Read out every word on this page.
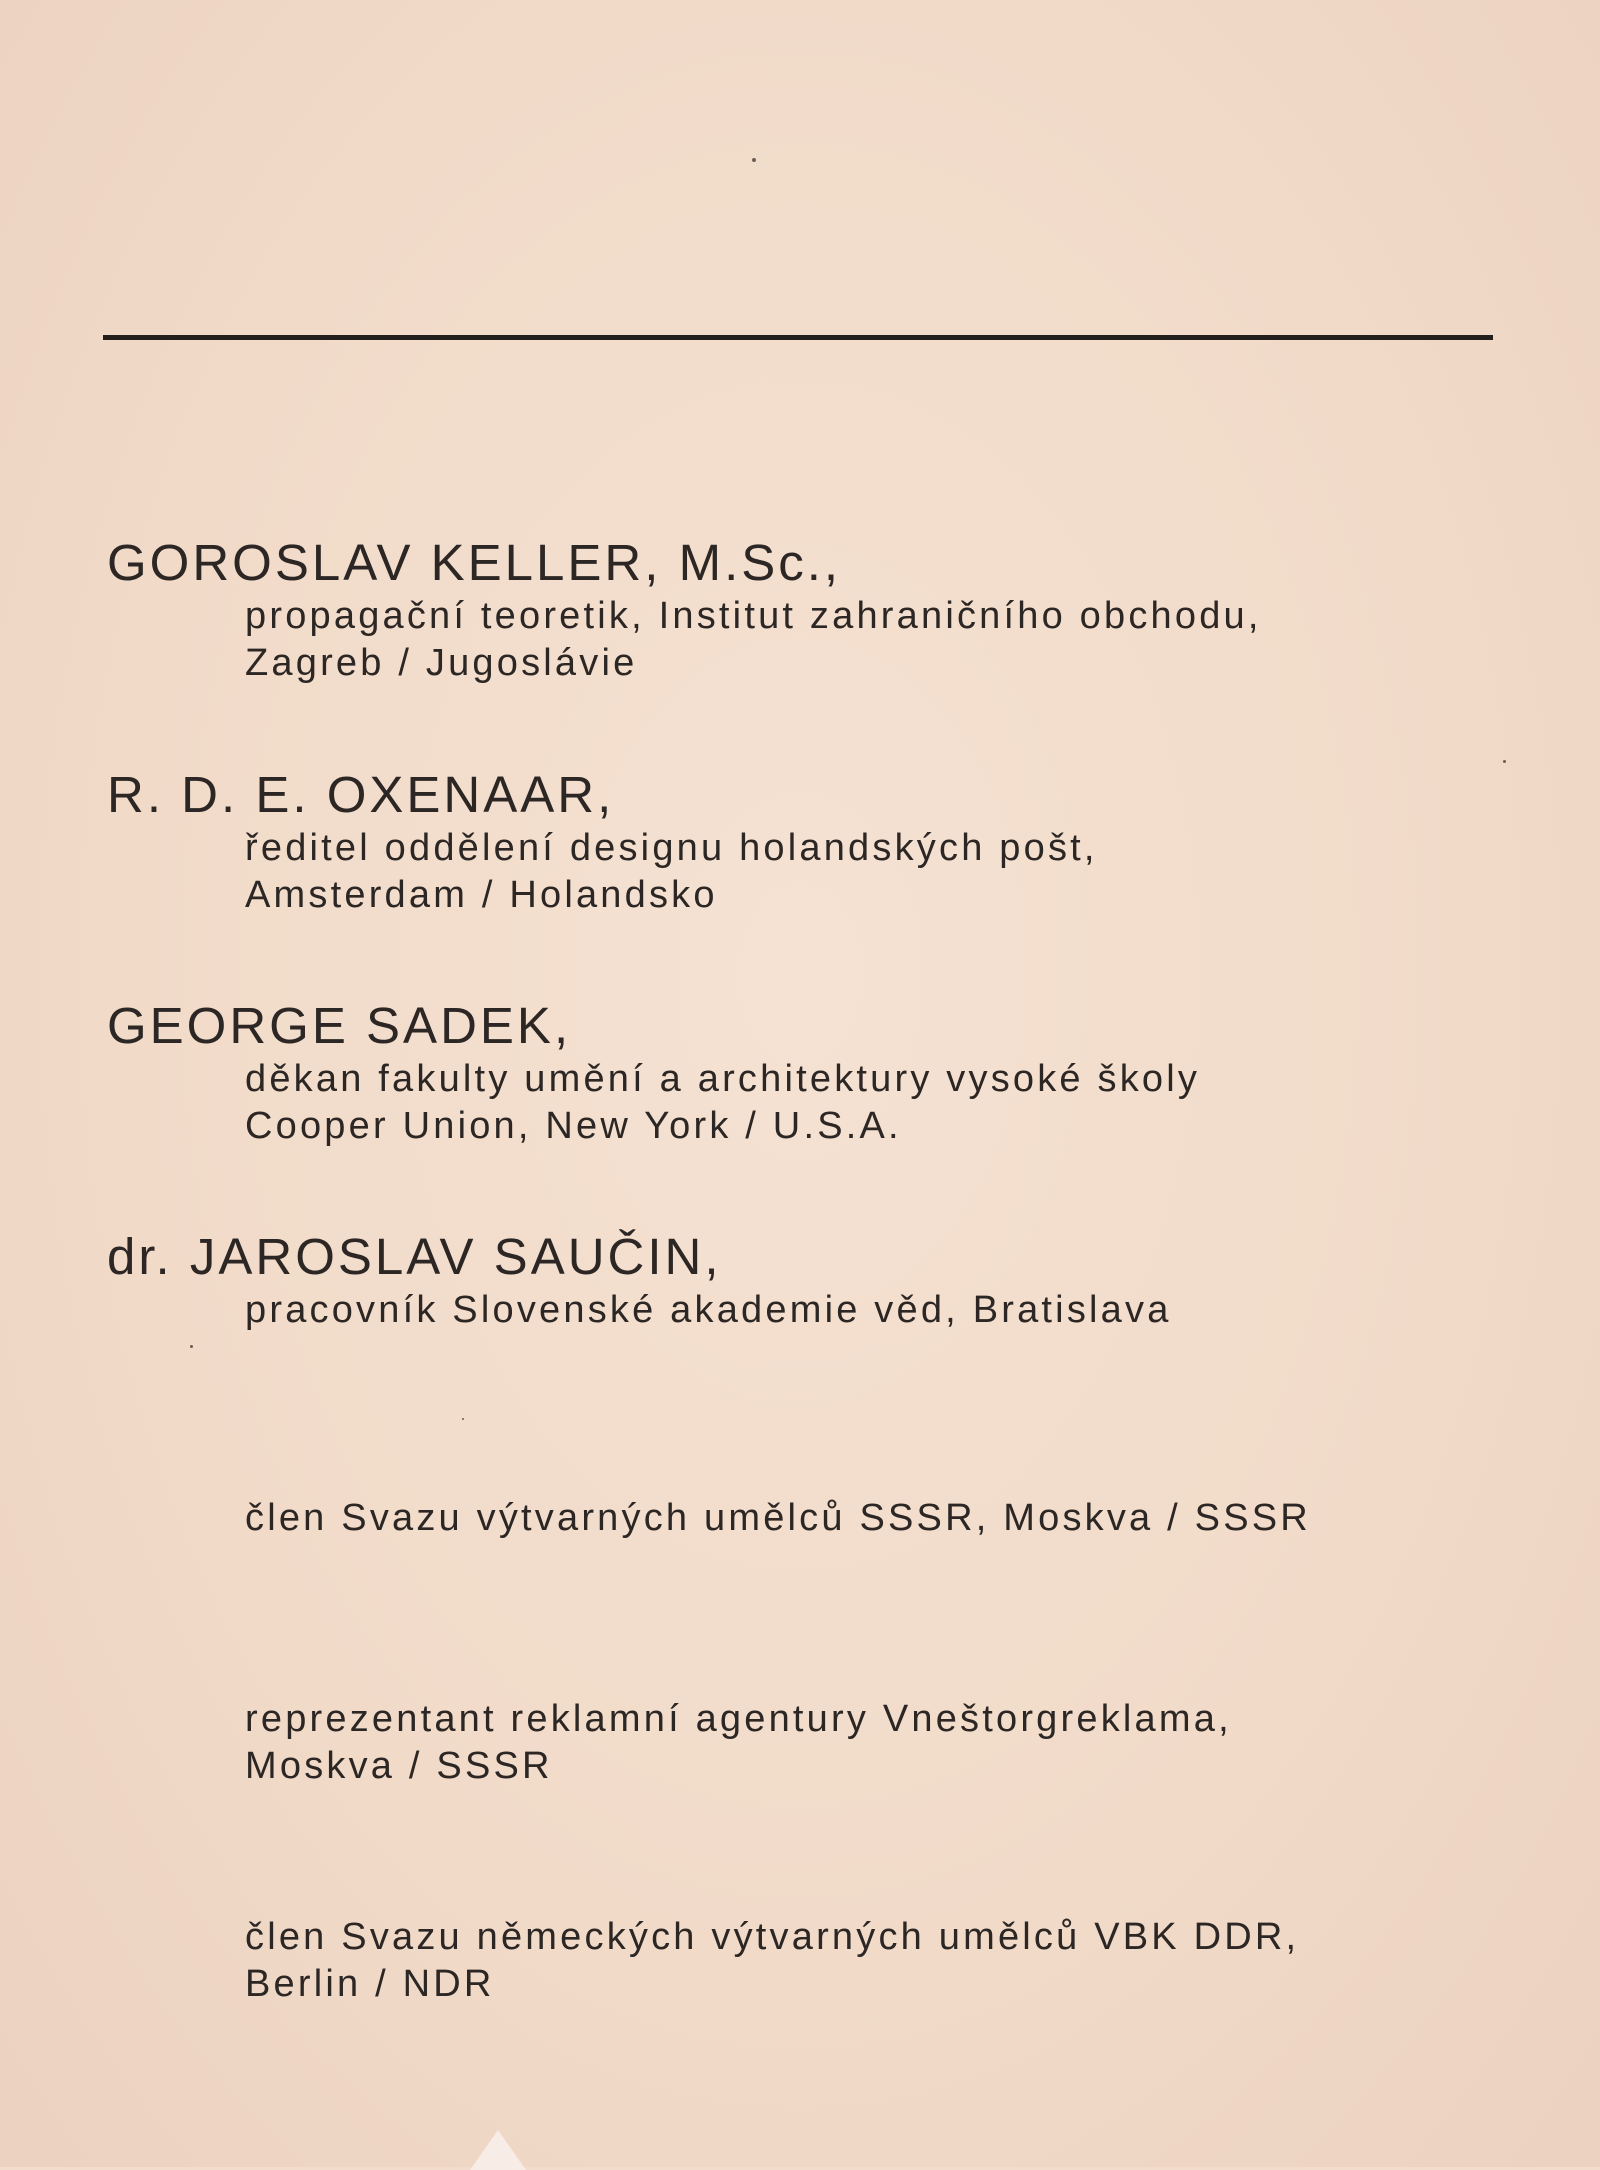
GOROSLAV KELLER, M.Sc.,
propagační teoretik, Institut zahraničního obchodu,
Zagreb / Jugoslávie
R. D. E. OXENAAR,
ředitel oddělení designu holandských pošt,
Amsterdam / Holandsko
GEORGE SADEK,
děkan fakulty umění a architektury vysoké školy
Cooper Union, New York / U.S.A.
dr. JAROSLAV SAUČIN,
pracovník Slovenské akademie věd, Bratislava
člen Svazu výtvarných umělců SSSR, Moskva / SSSR
reprezentant reklamní agentury Vneštorgreklama,
Moskva / SSSR
člen Svazu německých výtvarných umělců VBK DDR,
Berlin / NDR
